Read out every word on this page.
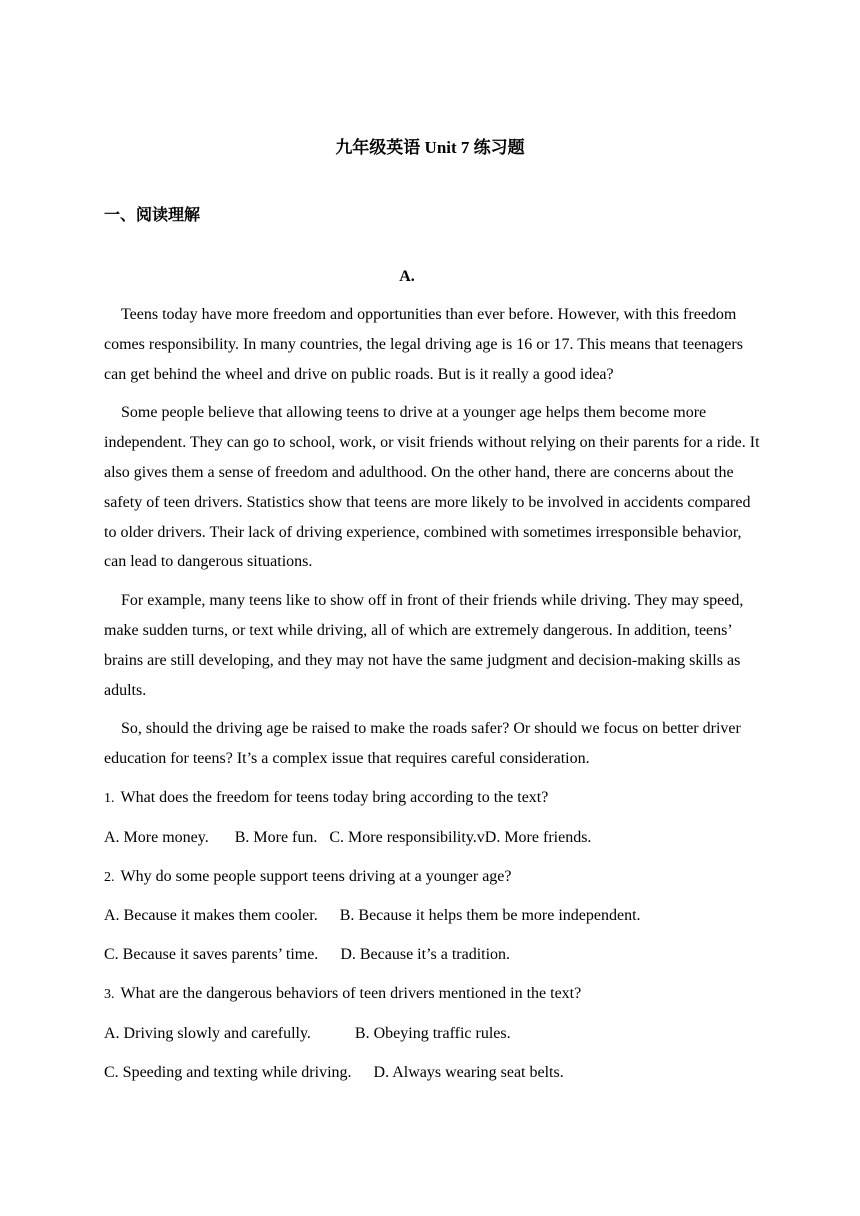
九年级英语 Unit 7 练习题
一、阅读理解
A.

Teens today have more freedom and opportunities than ever before. However, with this freedom comes responsibility. In many countries, the legal driving age is 16 or 17. This means that teenagers can get behind the wheel and drive on public roads. But is it really a good idea?

Some people believe that allowing teens to drive at a younger age helps them become more independent. They can go to school, work, or visit friends without relying on their parents for a ride. It also gives them a sense of freedom and adulthood. On the other hand, there are concerns about the safety of teen drivers. Statistics show that teens are more likely to be involved in accidents compared to older drivers. Their lack of driving experience, combined with sometimes irresponsible behavior, can lead to dangerous situations.

For example, many teens like to show off in front of their friends while driving. They may speed, make sudden turns, or text while driving, all of which are extremely dangerous. In addition, teens’ brains are still developing, and they may not have the same judgment and decision-making skills as adults.

So, should the driving age be raised to make the roads safer? Or should we focus on better driver education for teens? It’s a complex issue that requires careful consideration.

1. What does the freedom for teens today bring according to the text?
A. More money. B. More fun. C. More responsibility.vD. More friends.
2. Why do some people support teens driving at a younger age?
A. Because it makes them cooler. B. Because it helps them be more independent.
C. Because it saves parents’ time. D. Because it’s a tradition.
3. What are the dangerous behaviors of teen drivers mentioned in the text?
A. Driving slowly and carefully.	B. Obeying traffic rules.
C. Speeding and texting while driving. D. Always wearing seat belts.
